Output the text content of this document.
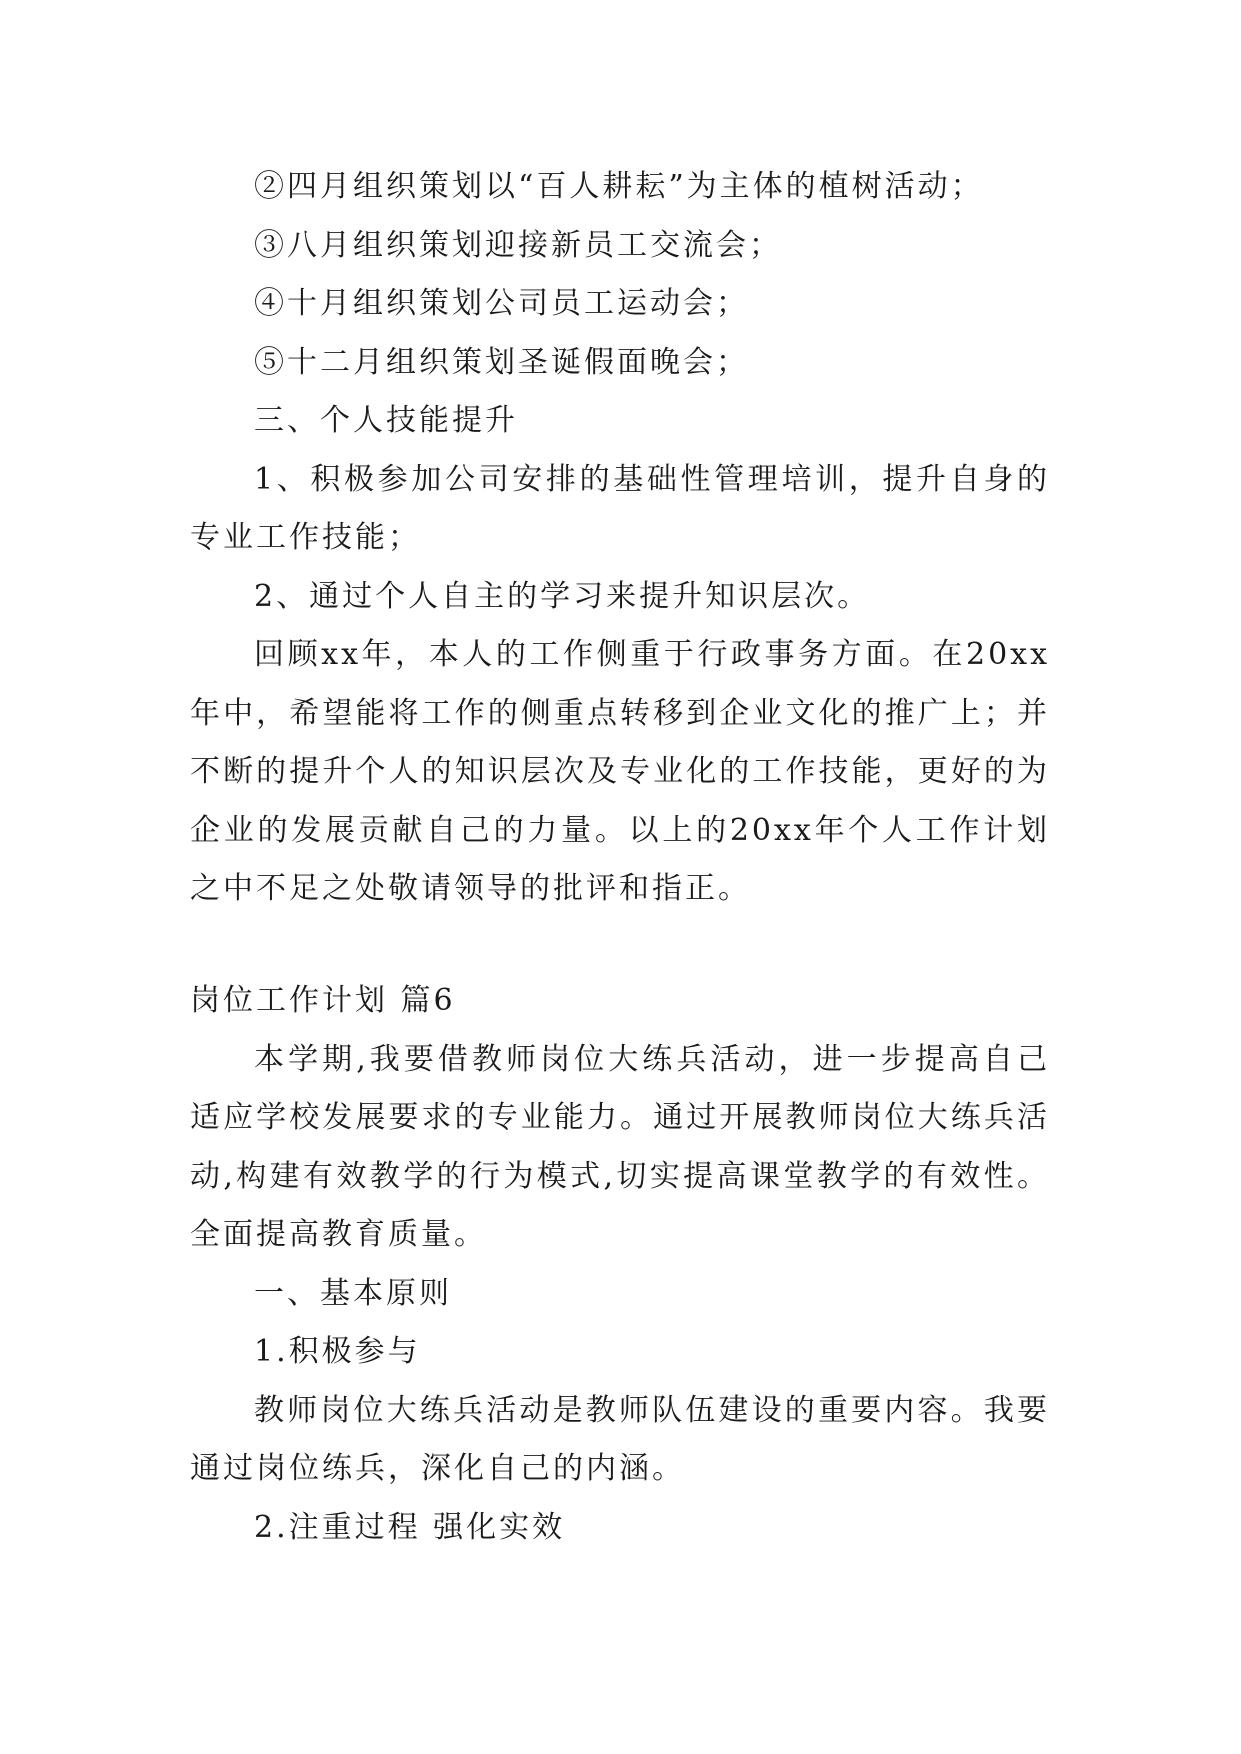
②四月组织策划以“百人耕耘”为主体的植树活动；

③八月组织策划迎接新员工交流会；

④十月组织策划公司员工运动会；

⑤十二月组织策划圣诞假面晚会；

三、个人技能提升

1、积极参加公司安排的基础性管理培训，提升自身的专业工作技能；

2、通过个人自主的学习来提升知识层次。

回顾xx年，本人的工作侧重于行政事务方面。在20xx年中，希望能将工作的侧重点转移到企业文化的推广上；并不断的提升个人的知识层次及专业化的工作技能，更好的为企业的发展贡献自己的力量。以上的20xx年个人工作计划之中不足之处敬请领导的批评和指正。

岗位工作计划 篇6

本学期,我要借教师岗位大练兵活动，进一步提高自己适应学校发展要求的专业能力。通过开展教师岗位大练兵活动,构建有效教学的行为模式,切实提高课堂教学的有效性。全面提高教育质量。

一、基本原则

1.积极参与

教师岗位大练兵活动是教师队伍建设的重要内容。我要通过岗位练兵，深化自己的内涵。

2.注重过程 强化实效
